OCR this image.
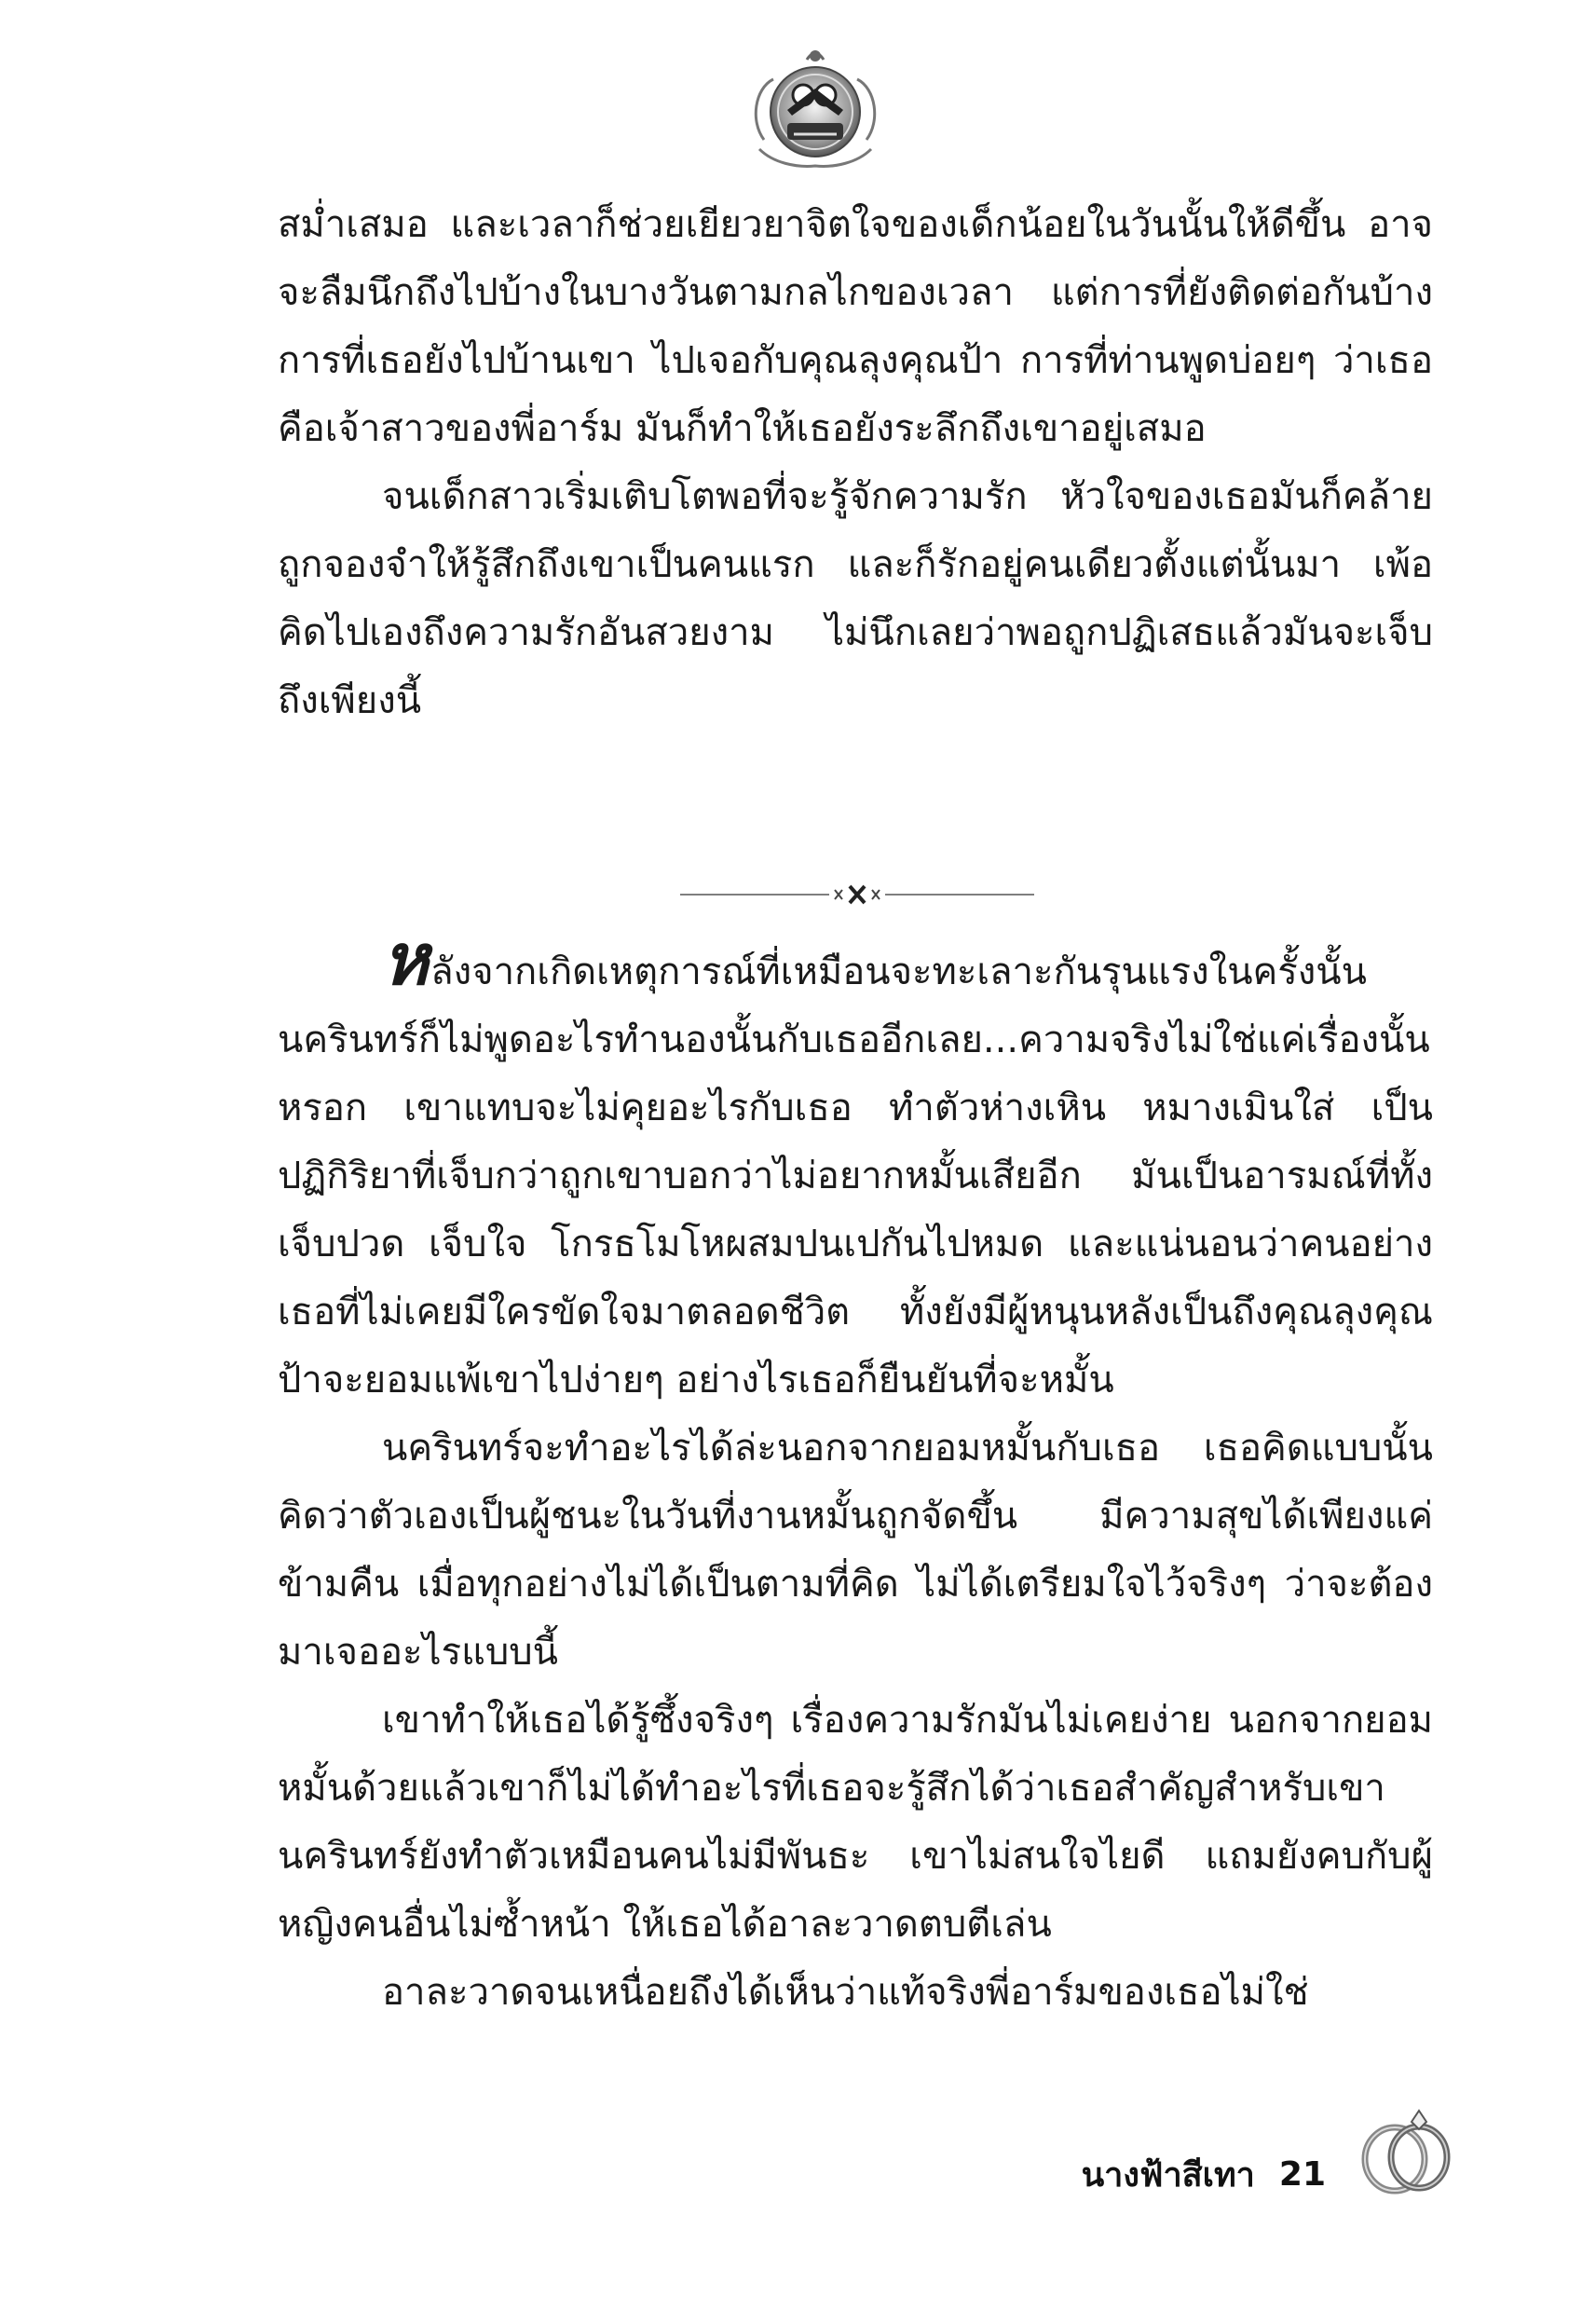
สม่ำเสมอ และเวลาก็ช่วยเยียวยาจิตใจของเด็กน้อยในวันนั้นให้ดีขึ้น อาจจะลืมนึกถึงไปบ้างในบางวันตามกลไกของเวลา แต่การที่ยังติดต่อกันบ้าง การที่เธอยังไปบ้านเขา ไปเจอกับคุณลุงคุณป้า การที่ท่านพูดบ่อยๆ ว่าเธอคือเจ้าสาวของพี่อาร์ม มันก็ทำให้เธอยังระลึกถึงเขาอยู่เสมอ

จนเด็กสาวเริ่มเติบโตพอที่จะรู้จักความรัก หัวใจของเธอมันก็คล้ายถูกจองจำให้รู้สึกถึงเขาเป็นคนแรก และก็รักอยู่คนเดียวตั้งแต่นั้นมา เพ้อคิดไปเองถึงความรักอันสวยงาม ไม่นึกเลยว่าพอถูกปฏิเสธแล้วมันจะเจ็บถึงเพียงนี้

หลังจากเกิดเหตุการณ์ที่เหมือนจะทะเลาะกันรุนแรงในครั้งนั้น นครินทร์ก็ไม่พูดอะไรทำนองนั้นกับเธออีกเลย...ความจริงไม่ใช่แค่เรื่องนั้นหรอก เขาแทบจะไม่คุยอะไรกับเธอ ทำตัวห่างเหิน หมางเมินใส่ เป็นปฏิกิริยาที่เจ็บกว่าถูกเขาบอกว่าไม่อยากหมั้นเสียอีก มันเป็นอารมณ์ที่ทั้งเจ็บปวด เจ็บใจ โกรธโมโหผสมปนเปกันไปหมด และแน่นอนว่าคนอย่างเธอที่ไม่เคยมีใครขัดใจมาตลอดชีวิต ทั้งยังมีผู้หนุนหลังเป็นถึงคุณลุงคุณป้าจะยอมแพ้เขาไปง่ายๆ อย่างไรเธอก็ยืนยันที่จะหมั้น

นครินทร์จะทำอะไรได้ล่ะนอกจากยอมหมั้นกับเธอ เธอคิดแบบนั้น คิดว่าตัวเองเป็นผู้ชนะในวันที่งานหมั้นถูกจัดขึ้น มีความสุขได้เพียงแค่ข้ามคืน เมื่อทุกอย่างไม่ได้เป็นตามที่คิด ไม่ได้เตรียมใจไว้จริงๆ ว่าจะต้องมาเจออะไรแบบนี้

เขาทำให้เธอได้รู้ซึ้งจริงๆ เรื่องความรักมันไม่เคยง่าย นอกจากยอมหมั้นด้วยแล้วเขาก็ไม่ได้ทำอะไรที่เธอจะรู้สึกได้ว่าเธอสำคัญสำหรับเขา นครินทร์ยังทำตัวเหมือนคนไม่มีพันธะ เขาไม่สนใจไยดี แถมยังคบกับผู้หญิงคนอื่นไม่ซ้ำหน้า ให้เธอได้อาละวาดตบตีเล่น

อาละวาดจนเหนื่อยถึงได้เห็นว่าแท้จริงพี่อาร์มของเธอไม่ใช่

นางฟ้าสีเทา 21
